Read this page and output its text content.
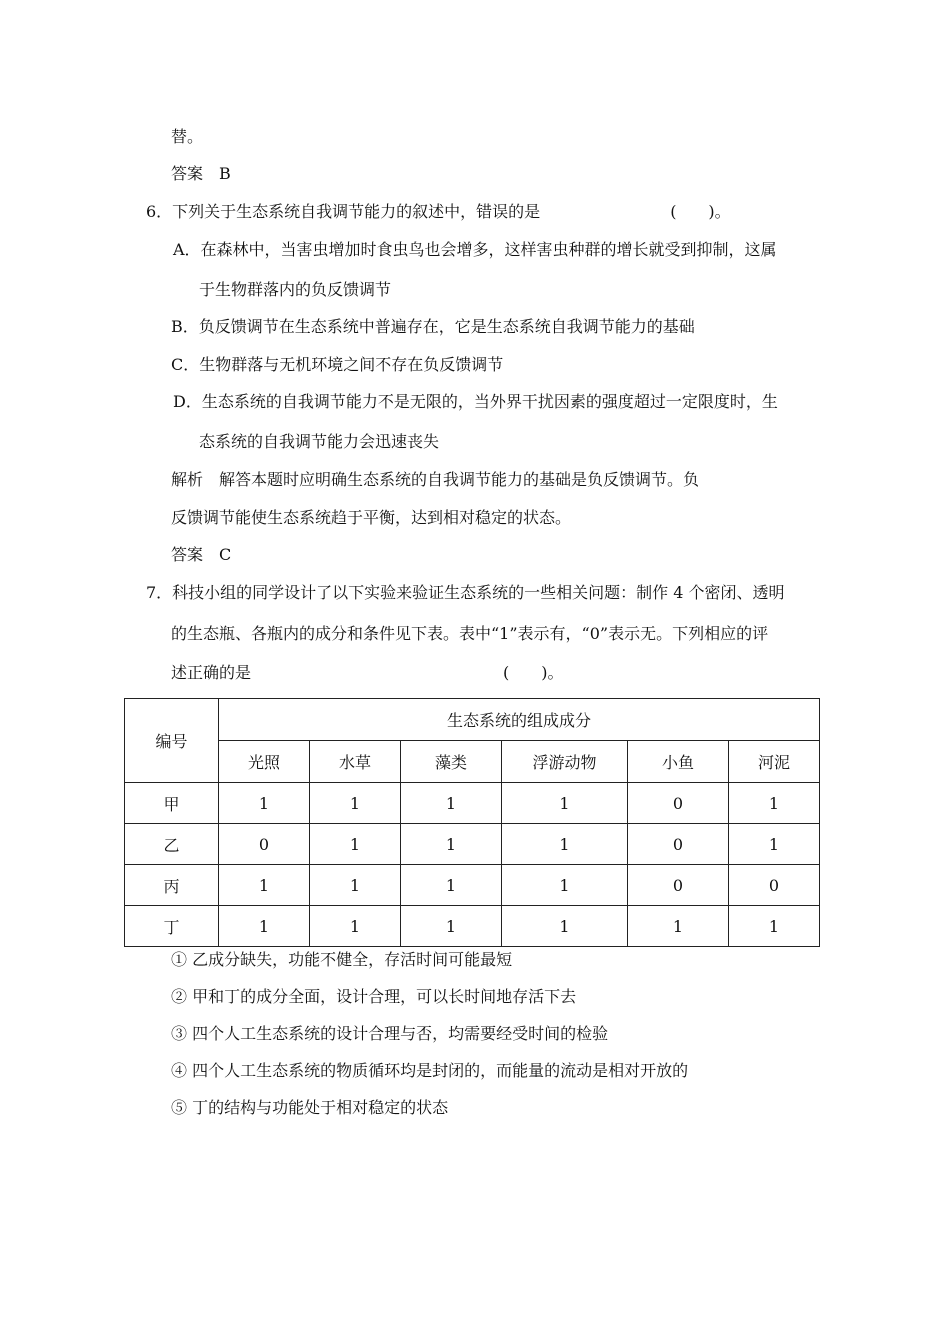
替。
答案 B
6．下列关于生态系统自我调节能力的叙述中，错误的是	(　　)。
A．在森林中，当害虫增加时食虫鸟也会增多，这样害虫种群的增长就受到抑制，这属
于生物群落内的负反馈调节
B．负反馈调节在生态系统中普遍存在，它是生态系统自我调节能力的基础
C．生物群落与无机环境之间不存在负反馈调节
D．生态系统的自我调节能力不是无限的，当外界干扰因素的强度超过一定限度时，生
态系统的自我调节能力会迅速丧失
解析 解答本题时应明确生态系统的自我调节能力的基础是负反馈调节。负
反馈调节能使生态系统趋于平衡，达到相对稳定的状态。
答案 C
7．科技小组的同学设计了以下实验来验证生态系统的一些相关问题：制作 4 个密闭、透明
的生态瓶、各瓶内的成分和条件见下表。表中“1”表示有，“0”表示无。下列相应的评
述正确的是	(　　)。
编号	生态系统的组成成分					
	光照	水草	藻类	浮游动物	小鱼	河泥
甲	1	1	1	1	0	1
乙	0	1	1	1	0	1
丙	1	1	1	1	0	0
丁	1	1	1	1	1	1
① 乙成分缺失，功能不健全，存活时间可能最短
② 甲和丁的成分全面，设计合理，可以长时间地存活下去
③ 四个人工生态系统的设计合理与否，均需要经受时间的检验
④ 四个人工生态系统的物质循环均是封闭的，而能量的流动是相对开放的
⑤ 丁的结构与功能处于相对稳定的状态
